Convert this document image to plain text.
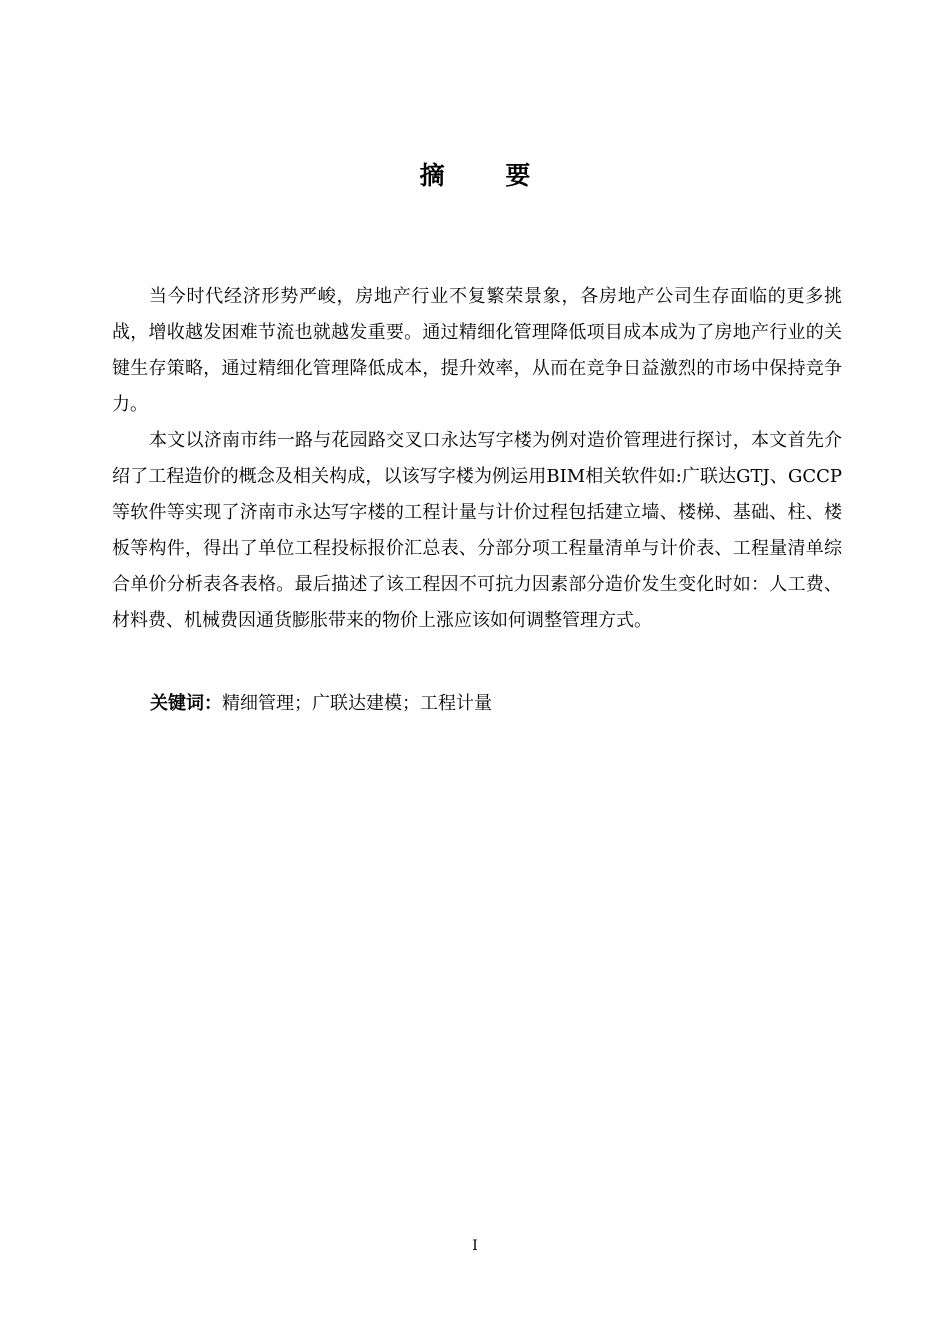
摘 要

当今时代经济形势严峻，房地产行业不复繁荣景象，各房地产公司生存面临的更多挑战，增收越发困难节流也就越发重要。通过精细化管理降低项目成本成为了房地产行业的关键生存策略，通过精细化管理降低成本，提升效率，从而在竞争日益激烈的市场中保持竞争力。

本文以济南市纬一路与花园路交叉口永达写字楼为例对造价管理进行探讨，本文首先介绍了工程造价的概念及相关构成，以该写字楼为例运用BIM相关软件如:广联达GTJ、GCCP等软件等实现了济南市永达写字楼的工程计量与计价过程包括建立墙、楼梯、基础、柱、楼板等构件，得出了单位工程投标报价汇总表、分部分项工程量清单与计价表、工程量清单综合单价分析表各表格。最后描述了该工程因不可抗力因素部分造价发生变化时如：人工费、材料费、机械费因通货膨胀带来的物价上涨应该如何调整管理方式。

关键词：精细管理；广联达建模；工程计量
I
